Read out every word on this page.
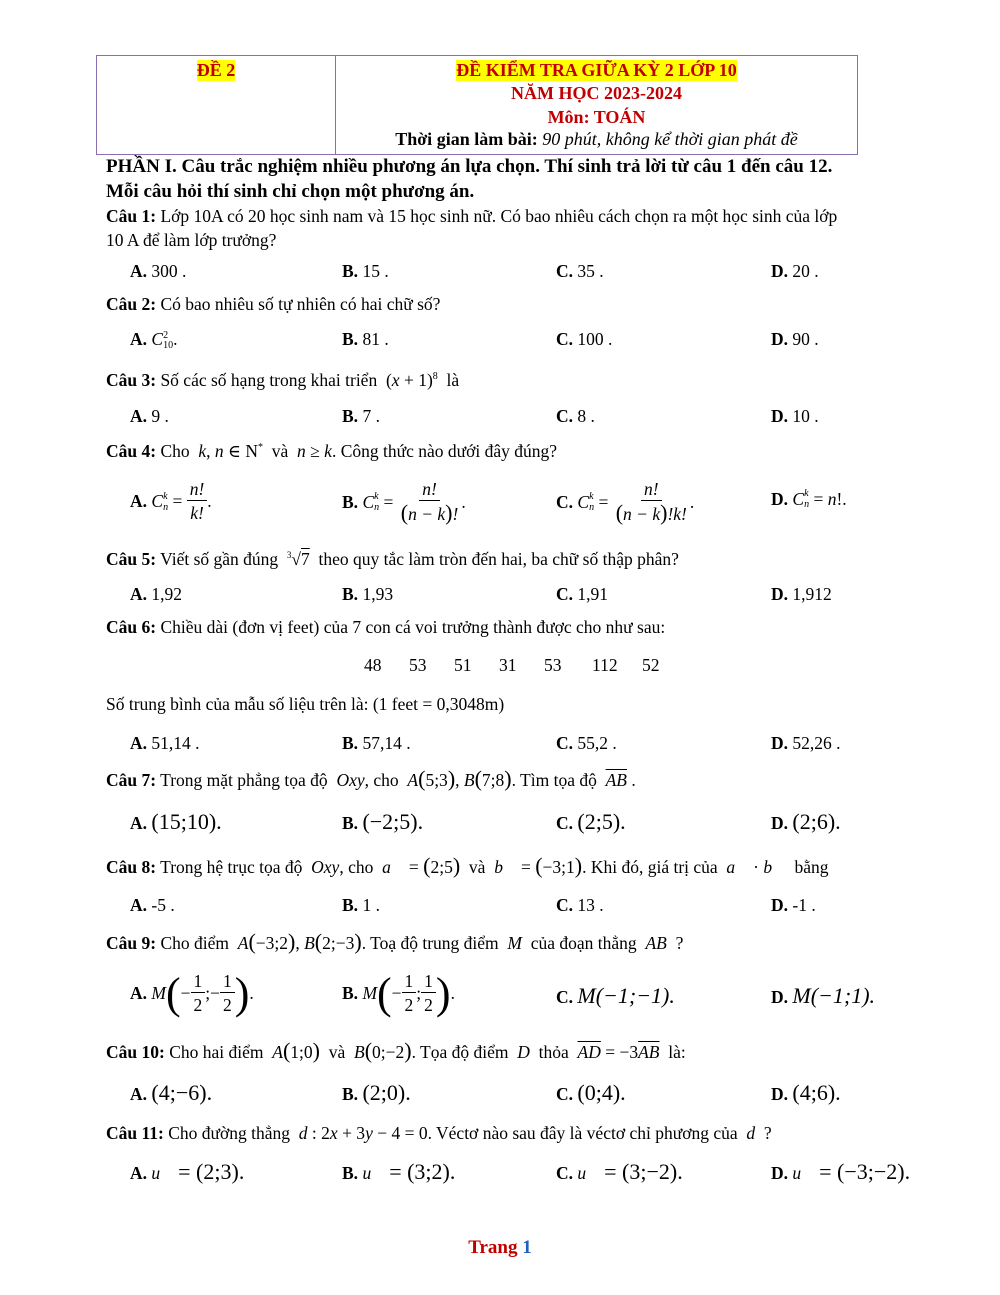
ĐỀ 2	ĐỀ KIỂM TRA GIỮA KỲ 2 LỚP 10
NĂM HỌC 2023-2024
Môn: TOÁN
Thời gian làm bài: 90 phút, không kể thời gian phát đề
PHẦN I. Câu trắc nghiệm nhiều phương án lựa chọn. Thí sinh trả lời từ câu 1 đến câu 12.
Mỗi câu hỏi thí sinh chỉ chọn một phương án.
Câu 1: Lớp 10A có 20 học sinh nam và 15 học sinh nữ. Có bao nhiêu cách chọn ra một học sinh của lớp
10 A để làm lớp trưởng?
A. 300 .	B. 15 .	C. 35 .	D. 20 .
Câu 2: Có bao nhiêu số tự nhiên có hai chữ số?
A. C 2
10 .	B. 81 .	C. 100 .	D. 90 .
Câu 3: Số các số hạng trong khai triển  $(x + 1)^8$ là
A. 9 .	B. 7 .	C. 8 .	D. 10 .
Câu 4: Cho k, n ∈ N* và n ≥ k. Công thức nào dưới đây đúng?
A.
C k
$n = \frac{n!}{k!}$ .	B.
C k
$n = \frac{n!}{(n - k)!}$ .	C.
C k
$n = \frac{n!}{(n - k)!k!}$ .	D.
C k
n = n !.
Câu 5: Viết số gần đúng $^3$√7 theo quy tắc làm tròn đến hai, ba chữ số thập phân?
A. 1,92	B. 1,93	C. 1,91	D. 1,912
Câu 6: Chiều dài (đơn vị feet) của 7 con cá voi trưởng thành được cho như sau:
48 53 51 31 53 112 52
Số trung bình của mẫu số liệu trên là: (1 feet = 0,3048m)
A. 51,14 .	B. 57,14 .	C. 55,2 .	D. 52,26 .
Câu 7: Trong mặt phẳng tọa độ Oxy, cho A(5;3), B(7;8). Tìm tọa độ $\overline{AB}$ .
A. (15;10).	B. (−2;5).	C. (2;5).	D. (2;6).
Câu 8: Trong hệ trục tọa độ Oxy, cho a⃗ = (2;5) và b⃗ = (−3;1). Khi đó, giá trị của a⃗ · b⃗ bằng
A. -5 .	B. 1 .	C. 13 .	D. -1 .
Câu 9: Cho điểm A(−3;2), B(2;−3). Toạ độ trung điểm M của đoạn thẳng AB ?
A.
M ( − $\frac{1}{2}$ ;− $\frac{1}{2}$ ) .	B.
M ( − $\frac{1}{2}$ ; $\frac{1}{2}$ ) .	C. M(−1;−1).	D. M(−1;1).
Câu 10: Cho hai điểm A(1;0) và B(0;−2). Tọa độ điểm D thỏa $\overline{AD} = -3\overline{AB}$ là:
A. (4;−6).	B. (2;0).	C. (0;4).	D. (4;6).
Câu 11: Cho đường thẳng d : 2x + 3y − 4 = 0. Véctơ nào sau đây là véctơ chỉ phương của d ?
A. u⃗ = (2;3).	B. u⃗ = (3;2).	C. u⃗ = (3;−2).	D. u⃗ = (−3;−2).
Trang 1
